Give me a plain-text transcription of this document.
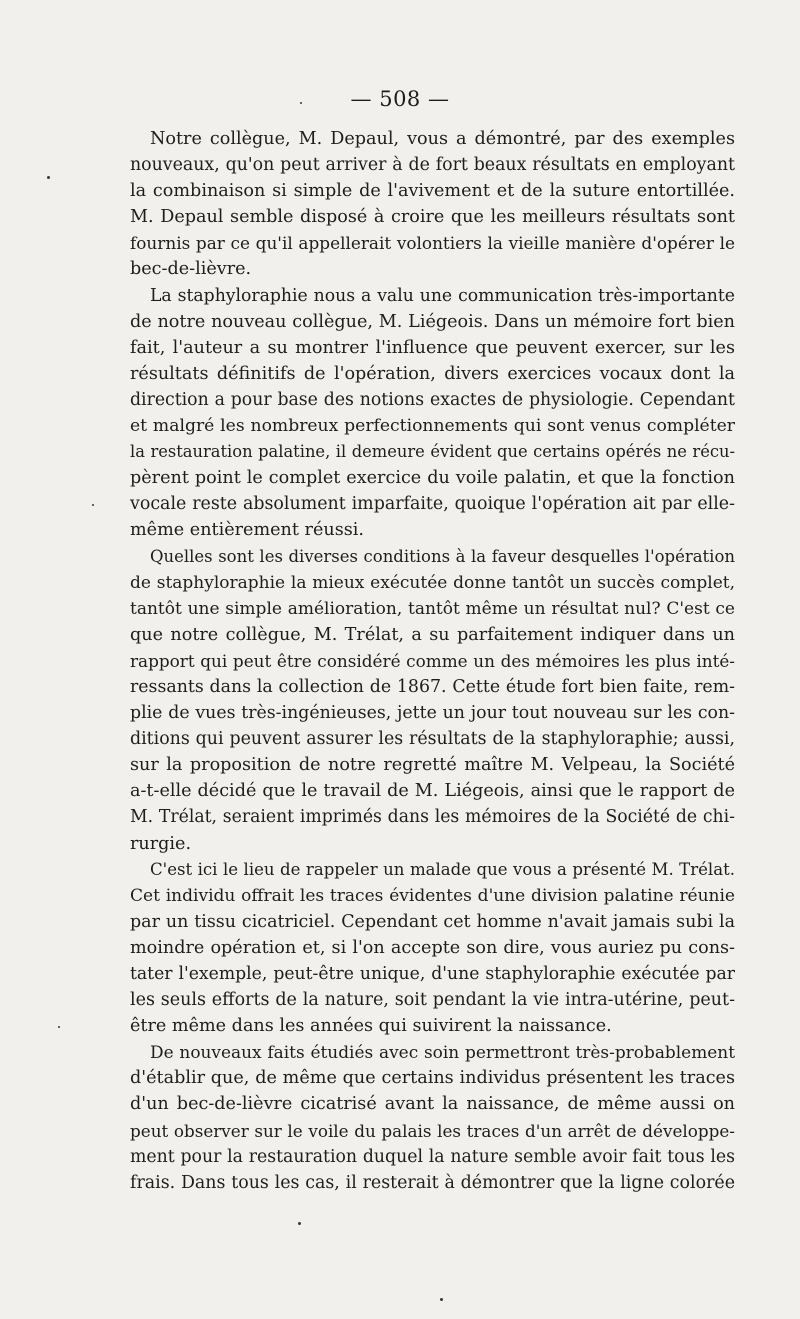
— 508 —

Notre collègue, M. Depaul, vous a démontré, par des exemples
nouveaux, qu'on peut arriver à de fort beaux résultats en employant
la combinaison si simple de l'avivement et de la suture entortillée.
M. Depaul semble disposé à croire que les meilleurs résultats sont
fournis par ce qu'il appellerait volontiers la vieille manière d'opérer le
bec-de-lièvre.

La staphyloraphie nous a valu une communication très-importante
de notre nouveau collègue, M. Liégeois. Dans un mémoire fort bien
fait, l'auteur a su montrer l'influence que peuvent exercer, sur les
résultats définitifs de l'opération, divers exercices vocaux dont la
direction a pour base des notions exactes de physiologie. Cependant
et malgré les nombreux perfectionnements qui sont venus compléter
la restauration palatine, il demeure évident que certains opérés ne récu-
pèrent point le complet exercice du voile palatin, et que la fonction
vocale reste absolument imparfaite, quoique l'opération ait par elle-
même entièrement réussi.

Quelles sont les diverses conditions à la faveur desquelles l'opération
de staphyloraphie la mieux exécutée donne tantôt un succès complet,
tantôt une simple amélioration, tantôt même un résultat nul? C'est ce
que notre collègue, M. Trélat, a su parfaitement indiquer dans un
rapport qui peut être considéré comme un des mémoires les plus inté-
ressants dans la collection de 1867. Cette étude fort bien faite, rem-
plie de vues très-ingénieuses, jette un jour tout nouveau sur les con-
ditions qui peuvent assurer les résultats de la staphyloraphie; aussi,
sur la proposition de notre regretté maître M. Velpeau, la Société
a-t-elle décidé que le travail de M. Liégeois, ainsi que le rapport de
M. Trélat, seraient imprimés dans les mémoires de la Société de chi-
rurgie.

C'est ici le lieu de rappeler un malade que vous a présenté M. Trélat.
Cet individu offrait les traces évidentes d'une division palatine réunie
par un tissu cicatriciel. Cependant cet homme n'avait jamais subi la
moindre opération et, si l'on accepte son dire, vous auriez pu cons-
tater l'exemple, peut-être unique, d'une staphyloraphie exécutée par
les seuls efforts de la nature, soit pendant la vie intra-utérine, peut-
être même dans les années qui suivirent la naissance.

De nouveaux faits étudiés avec soin permettront très-probablement
d'établir que, de même que certains individus présentent les traces
d'un bec-de-lièvre cicatrisé avant la naissance, de même aussi on
peut observer sur le voile du palais les traces d'un arrêt de développe-
ment pour la restauration duquel la nature semble avoir fait tous les
frais. Dans tous les cas, il resterait à démontrer que la ligne colorée
